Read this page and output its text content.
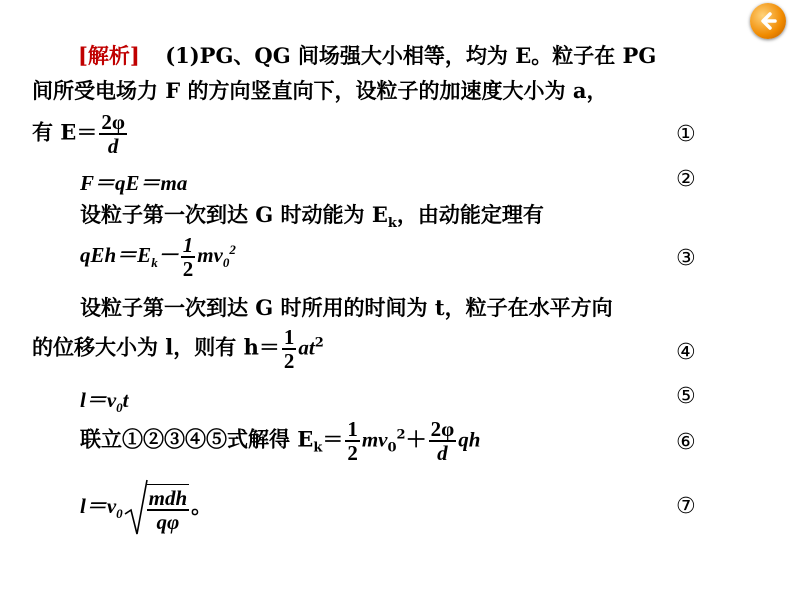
[解析] (1)PG、QG 间场强大小相等，均为 E。粒子在 PG
间所受电场力 F 的方向竖直向下，设粒子的加速度大小为 a，
有 $E= \frac{2\varphi}{d}$	①
F＝qE＝ma	②
设粒子第一次到达 G 时动能为 $E_k$，由动能定理有
$qEh=E_k- \frac{1}{2} mv_0^2$	③
设粒子第一次到达 G 时所用的时间为 t，粒子在水平方向
的位移大小为 l，则有 $h= \frac{1}{2} at^2$	④
$l=v_0t$	⑤
联立①②③④⑤式解得 $E_k= \frac{1}{2} mv_0^2+ \frac{2\varphi}{d}$ qh	⑥
$l=v_0 \frac{\text{mdh}}{q\varphi}$ 。	⑦
